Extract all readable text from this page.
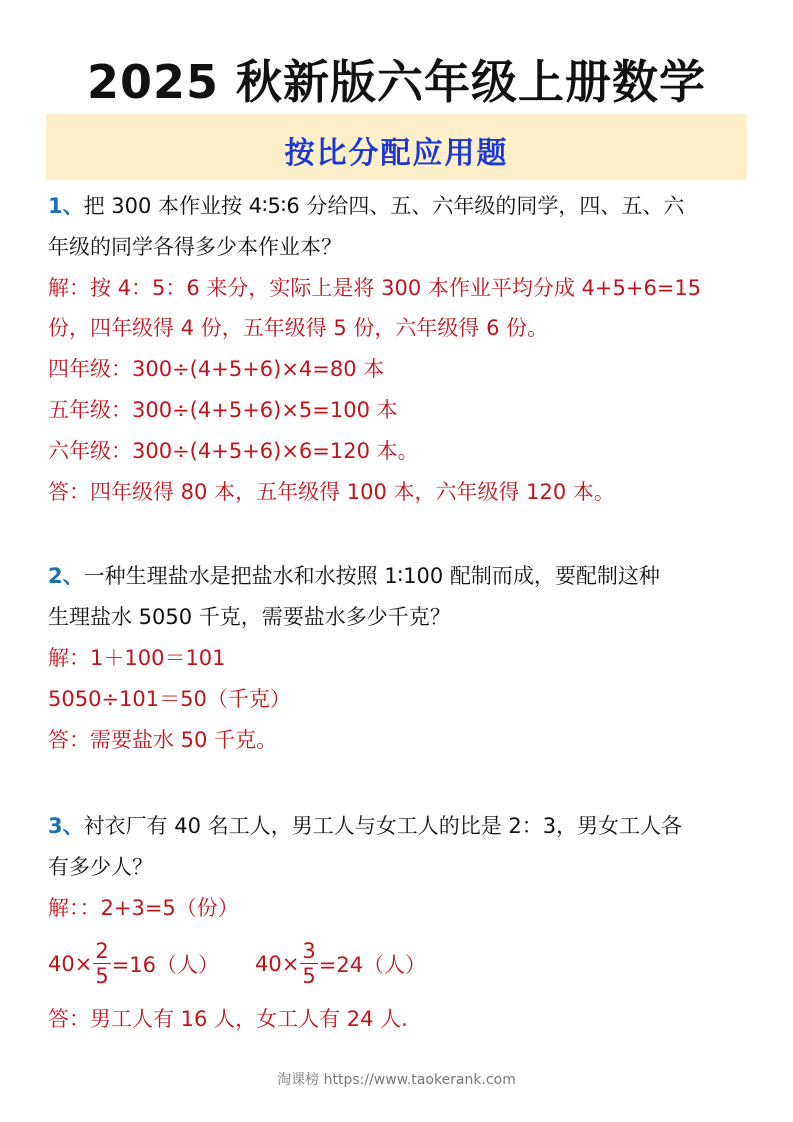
2025 秋新版六年级上册数学
按比分配应用题
1、把 300 本作业按 4∶5∶6 分给四、五、六年级的同学，四、五、六
年级的同学各得多少本作业本？
解：按 4：5：6 来分，实际上是将 300 本作业平均分成 4+5+6=15
份，四年级得 4 份，五年级得 5 份，六年级得 6 份。
四年级：300÷(4+5+6)×4=80 本
五年级：300÷(4+5+6)×5=100 本
六年级：300÷(4+5+6)×6=120 本。
答：四年级得 80 本，五年级得 100 本，六年级得 120 本。
2、一种生理盐水是把盐水和水按照 1∶100 配制而成，要配制这种
生理盐水 5050 千克，需要盐水多少千克？
解：1＋100＝101
5050÷101＝50（千克）
答：需要盐水 50 千克。
3、衬衣厂有 40 名工人，男工人与女工人的比是 2：3，男女工人各
有多少人？
解：：2+3=5（份）
$40\times \frac{2}{5} =16$（人） $40\times \frac{3}{5} =24$（人）
答：男工人有 16 人，女工人有 24 人.
淘课榜 https://www.taokerank.com
